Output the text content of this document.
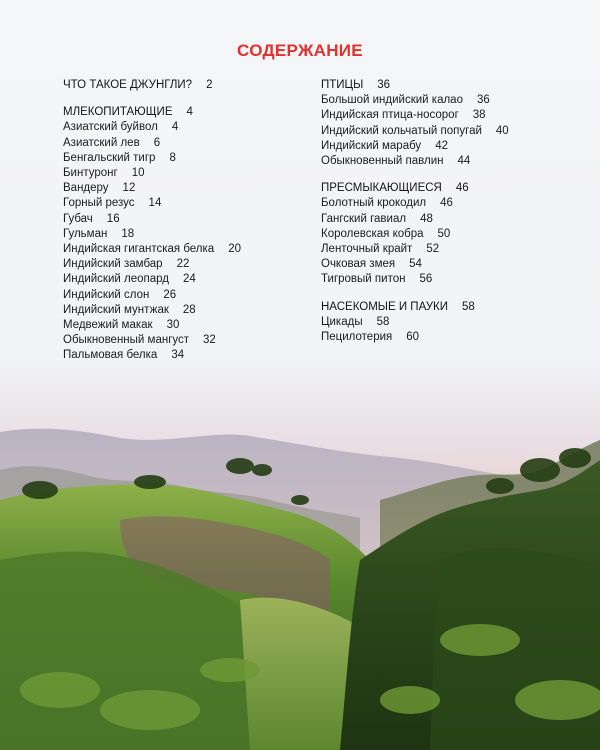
СОДЕРЖАНИЕ
ЧТО ТАКОЕ ДЖУНГЛИ? 2
МЛЕКОПИТАЮЩИЕ 4
Азиатский буйвол 4
Азиатский лев 6
Бенгальский тигр 8
Бинтуронг 10
Вандеру 12
Горный резус 14
Губач 16
Гульман 18
Индийская гигантская белка 20
Индийский замбар 22
Индийский леопард 24
Индийский слон 26
Индийский мунтжак 28
Медвежий макак 30
Обыкновенный мангуст 32
Пальмовая белка 34
ПТИЦЫ 36
Большой индийский калао 36
Индийская птица-носорог 38
Индийский кольчатый попугай 40
Индийский марабу 42
Обыкновенный павлин 44
ПРЕСМЫКАЮЩИЕСЯ 46
Болотный крокодил 46
Гангский гавиал 48
Королевская кобра 50
Ленточный крайт 52
Очковая змея 54
Тигровый питон 56
НАСЕКОМЫЕ И ПАУКИ 58
Цикады 58
Пецилотерия 60
